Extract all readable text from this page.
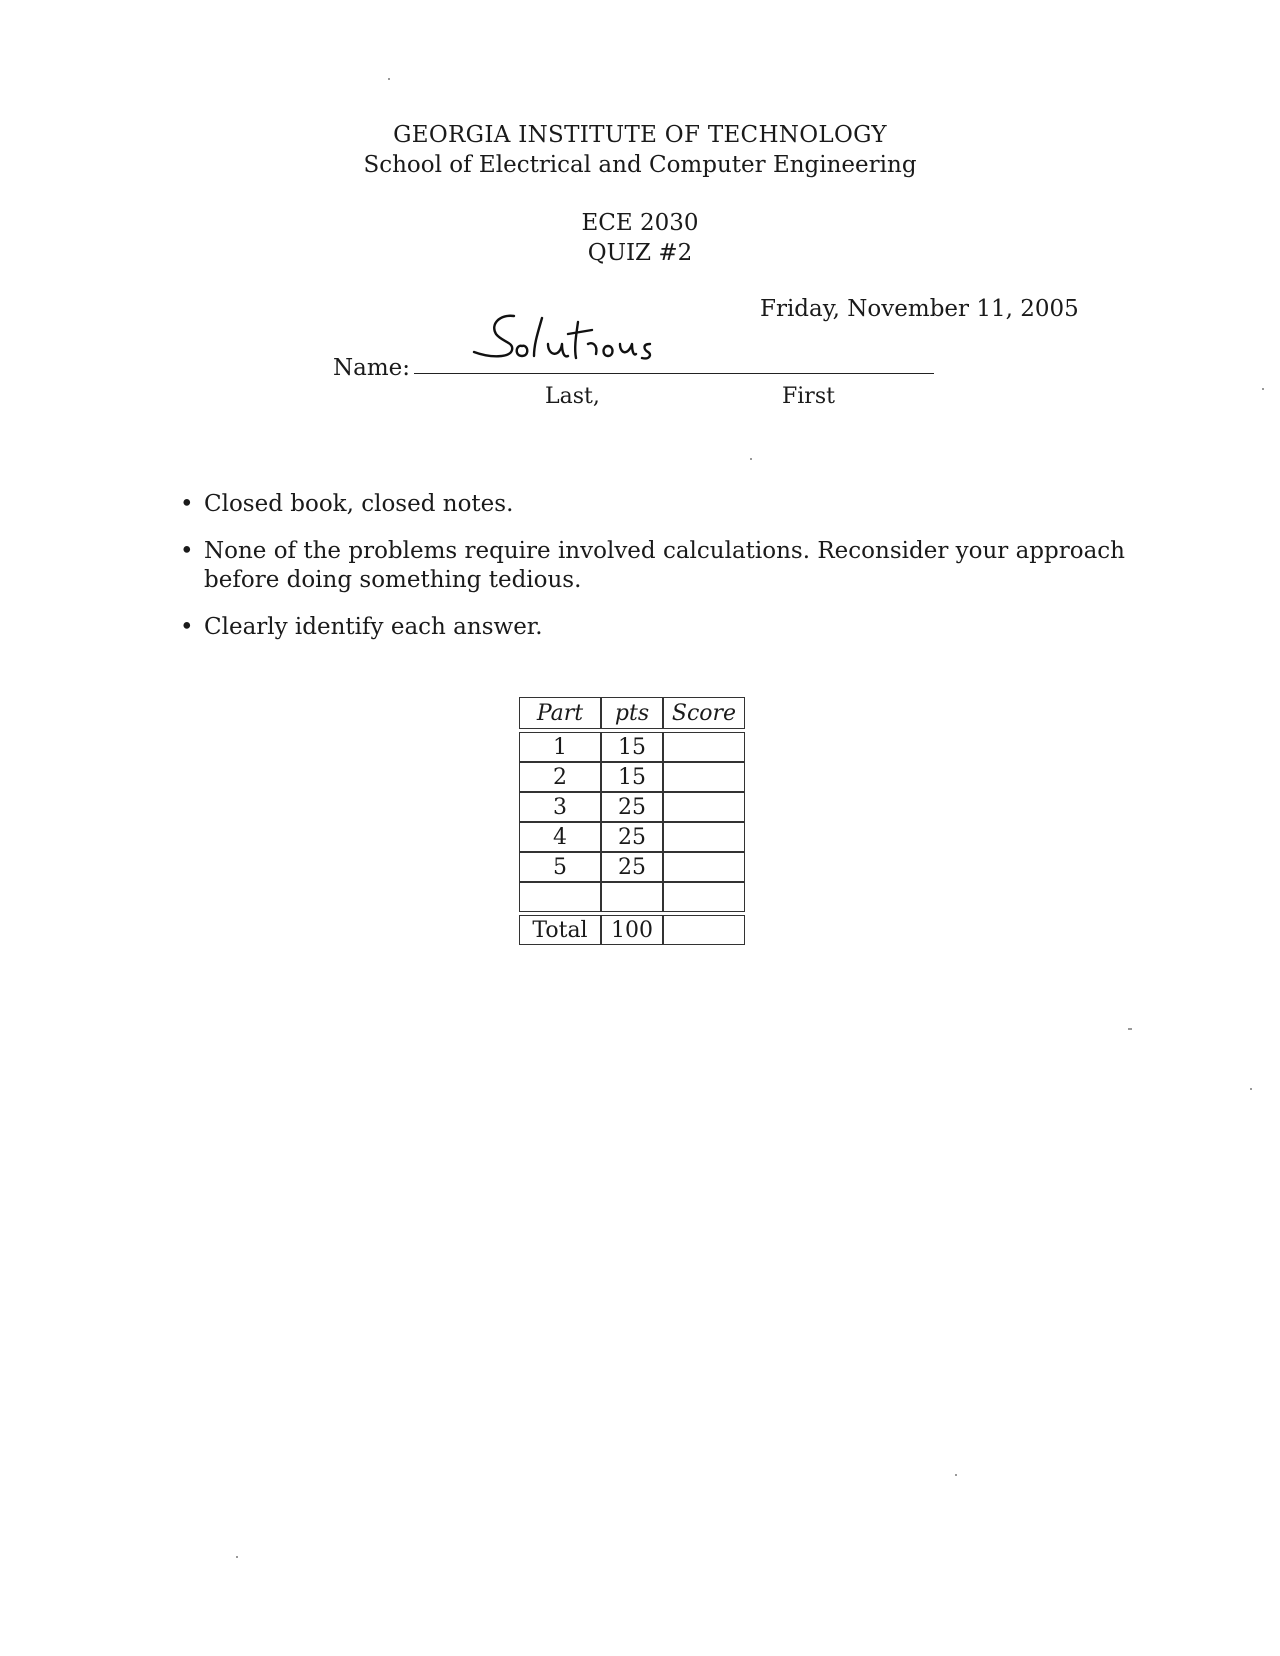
GEORGIA INSTITUTE OF TECHNOLOGY
School of Electrical and Computer Engineering
ECE 2030
QUIZ #2
Friday, November 11, 2005
Name:
Last,	First
• Closed book, closed notes.
• None of the problems require involved calculations. Reconsider your approach before doing something tedious.
• Clearly identify each answer.
Part	pts	Score

1	15	
2	15	
3	25	
4	25	
5	25	

Total	100	
